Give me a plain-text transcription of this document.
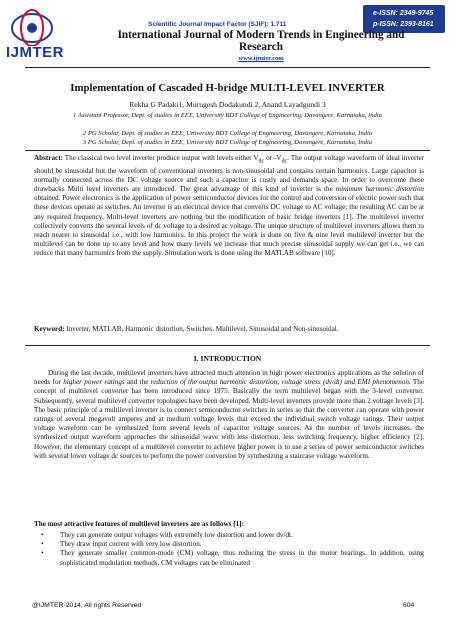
IJMTER
Scientific Journal Impact Factor (SJIF): 1.711
e-ISSN: 2349-9745
p-ISSN: 2393-8161
International Journal of Modern Trends in Engineering and Research
www.ijmter.com
Implementation of Cascaded H-bridge MULTI-LEVEL INVERTER
Rekha G Padaki1, Murugesh Dodakundi 2, Anand Layadgundi 3
1 Assistant Professor, Dept. of studies in EEE, University BDT College of Engineering, Davangere, Karnataka, India
2 PG Scholar, Dept. of studies in EEE, University BDT College of Engineering, Davangere, Karnataka, India
3 PG Scholar, Dept. of studies in EEE, University BDT College of Engineering, Davangere, Karnataka, India
Abstract: The classical two level inverter produce output with levels either $V_{dc}$ or $-V_{dc}$. The output voltage waveform of ideal inverter should be sinusoidal but the waveform of conventional inverters is non-sinusoidal and contains certain harmonics. Large capacitor is normally connected across the DC voltage source and such a capacitor is costly and demands space. In order to overcome these drawbacks Multi level inverters are introduced. The great advantage of this kind of inverter is the minimum harmonic distortion obtained. Power electronics is the application of power semiconductor devices for the control and conversion of electric power such that these devices operate as switches. An inverter is an electrical device that converts DC voltage to AC voltage; the resulting AC can be at any required frequency. Multi-level inverters are nothing but the modification of basic bridge inverters [1]. The multilevel inverter collectively converts the several levels of dc voltage to a desired ac voltage. The unique structure of multilevel inverters allows them to reach nearer to sinusoidal i.e., with low harmonics. In this project the work is done on five & nine level multilevel inverter but the multilevel can be done up to any level and how many levels we increase that much precise sinusoidal supply we can get i.e., we can reduce that many harmonics from the supply. Simulation work is done using the MATLAB software [10].
Keyword: Inverter, MATLAB, Harmonic distortion, Switches, Multilevel, Sinusoidal and Non-sinusoidal.
I. INTRODUCTION
During the last decade, multilevel inverters have attracted much attention in high power electronics applications as the solution of needs for higher power ratings and the reduction of the output harmonic distortion, voltage stress (dv/dt) and EMI phenomenon. The concept of multilevel converter has been introduced since 1975. Basically the term multilevel began with the 3-level converter. Subsequently, several multilevel converter topologies have been developed. Multi-level inverters provide more than 2 voltage levels [3]. The basic principle of a multilevel inverter is to connect semiconductor switches in series so that the converter can operate with power ratings of several megavolt amperes and at medium voltage levels that exceed the individual switch voltage ratings. Their output voltage waveform can be synthesized from several levels of capacitor voltage sources. As the number of levels increases, the synthesized output waveform approaches the sinusoidal wave with less distortion, less switching frequency, higher efficiency [2]. However, the elementary concept of a multilevel converter to achieve higher power is to use a series of power semiconductor switches with several lower voltage dc sources to perform the power conversion by synthesizing a staircase voltage waveform.
The most attractive features of multilevel inverters are as follows [1]:
• They can generate output voltages with extremely low distortion and lower dv/dt.
• They draw input current with very low distortion.
• They generate smaller common-mode (CM) voltage, thus reducing the stress in the motor bearings. In addition, using sophisticated modulation methods, CM voltages can be eliminated
@IJMTER-2014, All rights Reserved	604
